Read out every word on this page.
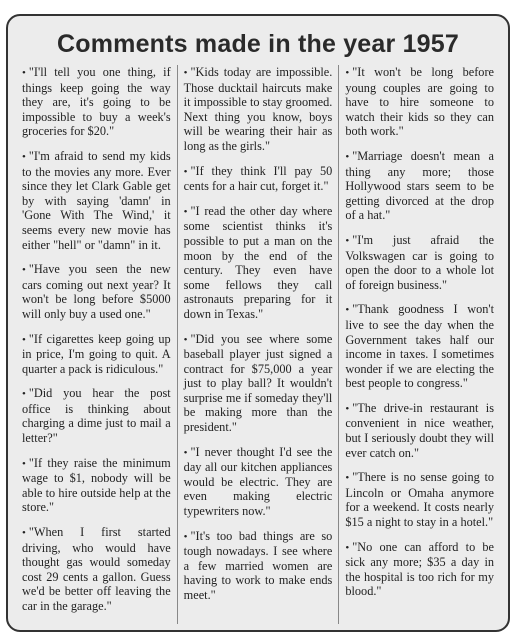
Comments made in the year 1957

• "I'll tell you one thing, if things keep going the way they are, it's going to be impossible to buy a week's groceries for $20."

• "I'm afraid to send my kids to the movies any more. Ever since they let Clark Gable get by with saying 'damn' in 'Gone With The Wind,' it seems every new movie has either "hell" or "damn" in it.

• "Have you seen the new cars coming out next year? It won't be long before $5000 will only buy a used one."

• "If cigarettes keep going up in price, I'm going to quit. A quarter a pack is ridiculous."

• "Did you hear the post office is thinking about charging a dime just to mail a letter?"

• "If they raise the minimum wage to $1, nobody will be able to hire outside help at the store."

• "When I first started driving, who would have thought gas would someday cost 29 cents a gallon. Guess we'd be better off leaving the car in the garage."

• "Kids today are impossible. Those ducktail haircuts make it impossible to stay groomed. Next thing you know, boys will be wearing their hair as long as the girls."

• "If they think I'll pay 50 cents for a hair cut, forget it."

• "I read the other day where some scientist thinks it's possible to put a man on the moon by the end of the century. They even have some fellows they call astronauts preparing for it down in Texas."

• "Did you see where some baseball player just signed a contract for $75,000 a year just to play ball? It wouldn't surprise me if someday they'll be making more than the president."

• "I never thought I'd see the day all our kitchen appliances would be electric. They are even making electric typewriters now."

• "It's too bad things are so tough nowadays. I see where a few married women are having to work to make ends meet."

• "It won't be long before young couples are going to have to hire someone to watch their kids so they can both work."

• "Marriage doesn't mean a thing any more; those Hollywood stars seem to be getting divorced at the drop of a hat."

• "I'm just afraid the Volkswagen car is going to open the door to a whole lot of foreign business."

• "Thank goodness I won't live to see the day when the Government takes half our income in taxes. I sometimes wonder if we are electing the best people to congress."

• "The drive-in restaurant is convenient in nice weather, but I seriously doubt they will ever catch on."

• "There is no sense going to Lincoln or Omaha anymore for a weekend. It costs nearly $15 a night to stay in a hotel."

• "No one can afford to be sick any more; $35 a day in the hospital is too rich for my blood."
